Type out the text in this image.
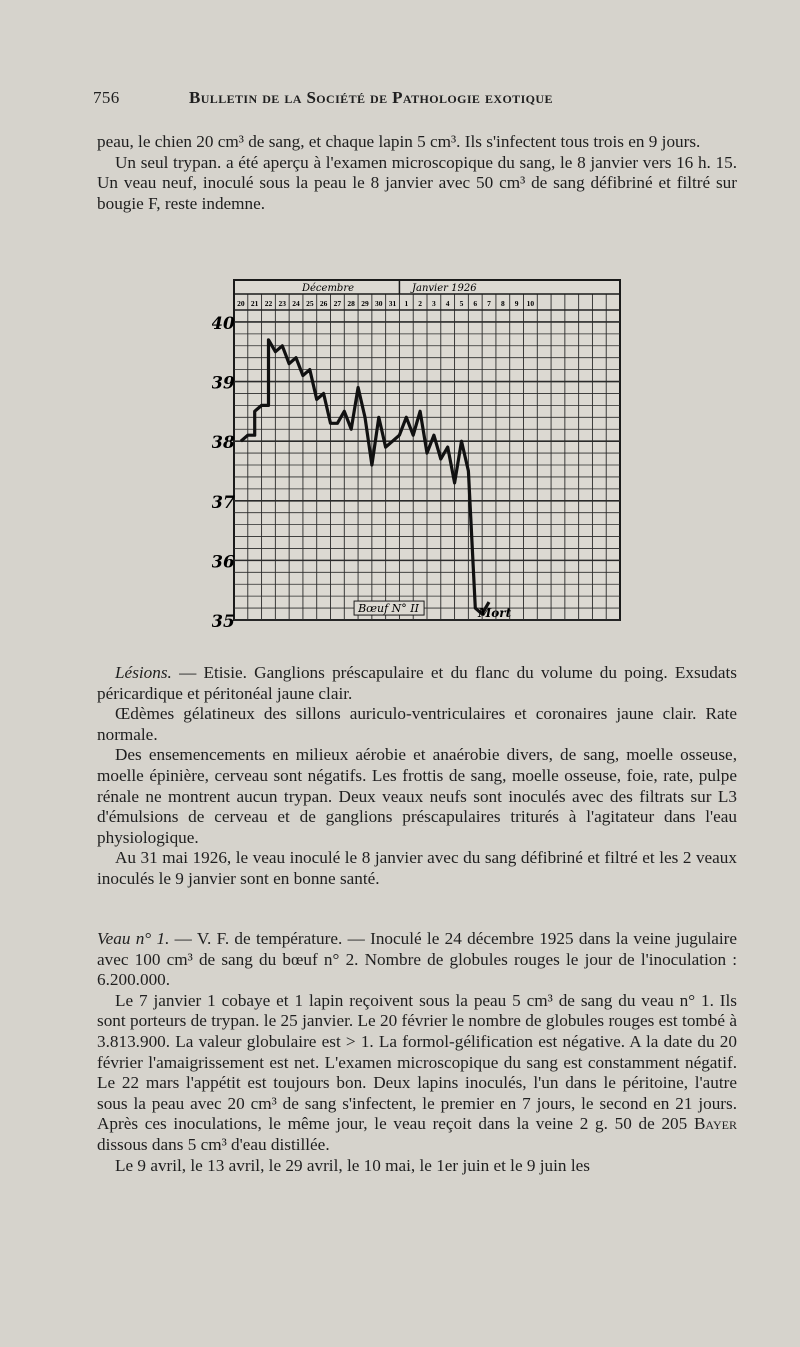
756	Bulletin de la Société de Pathologie exotique

peau, le chien 20 cm³ de sang, et chaque lapin 5 cm³. Ils s'infectent tous trois en 9 jours.

Un seul trypan. a été aperçu à l'examen microscopique du sang, le 8 janvier vers 16 h. 15. Un veau neuf, inoculé sous la peau le 8 janvier avec 50 cm³ de sang défibriné et filtré sur bougie F, reste indemne.

Décembre	Janvier 1926
20 21 22 23 24 25 26 27 28 29 30 31 1 2 3 4 5 6 7 8 9 10
40
39
38
37
36
35
Bœuf N° II	Mort

Lésions. — Etisie. Ganglions préscapulaire et du flanc du volume du poing. Exsudats péricardique et péritonéal jaune clair.

Œdèmes gélatineux des sillons auriculo-ventriculaires et coronaires jaune clair. Rate normale.

Des ensemencements en milieux aérobie et anaérobie divers, de sang, moelle osseuse, moelle épinière, cerveau sont négatifs. Les frottis de sang, moelle osseuse, foie, rate, pulpe rénale ne montrent aucun trypan. Deux veaux neufs sont inoculés avec des filtrats sur L3 d'émulsions de cerveau et de ganglions préscapulaires triturés à l'agitateur dans l'eau physiologique.

Au 31 mai 1926, le veau inoculé le 8 janvier avec du sang défibriné et filtré et les 2 veaux inoculés le 9 janvier sont en bonne santé.

Veau n° 1. — V. F. de température. — Inoculé le 24 décembre 1925 dans la veine jugulaire avec 100 cm³ de sang du bœuf n° 2. Nombre de globules rouges le jour de l'inoculation : 6.200.000.

Le 7 janvier 1 cobaye et 1 lapin reçoivent sous la peau 5 cm³ de sang du veau n° 1. Ils sont porteurs de trypan. le 25 janvier. Le 20 février le nombre de globules rouges est tombé à 3.813.900. La valeur globulaire est > 1. La formol-gélification est négative. A la date du 20 février l'amaigrissement est net. L'examen microscopique du sang est constamment négatif. Le 22 mars l'appétit est toujours bon. Deux lapins inoculés, l'un dans le péritoine, l'autre sous la peau avec 20 cm³ de sang s'infectent, le premier en 7 jours, le second en 21 jours. Après ces inoculations, le même jour, le veau reçoit dans la veine 2 g. 50 de 205 Bayer dissous dans 5 cm³ d'eau distillée.

Le 9 avril, le 13 avril, le 29 avril, le 10 mai, le 1er juin et le 9 juin les
